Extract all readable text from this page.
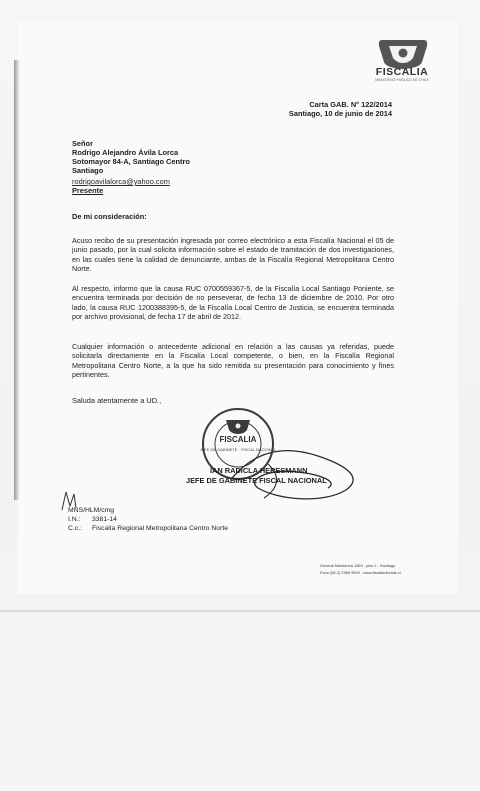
FISCALIA
MINISTERIO PUBLICO DE CHILE
Carta GAB. N° 122/2014
Santiago, 10 de junio de 2014
Señor
Rodrigo Alejandro Ávila Lorca
Sotomayor 84-A, Santiago Centro
Santiago
rodrigoavilalorca@yahoo.com
Presente
De mi consideración:
Acuso recibo de su presentación ingresada por correo electrónico a esta Fiscalía Nacional el 05 de junio pasado, por la cual solicita información sobre el estado de tramitación de dos investigaciones, en las cuales tiene la calidad de denunciante, ambas de la Fiscalía Regional Metropolitana Centro Norte.
Al respecto, informo que la causa RUC 0700559367-5, de la Fiscalía Local Santiago Poniente, se encuentra terminada por decisión de no perseverar, de fecha 13 de diciembre de 2010. Por otro lado, la causa RUC 1200388395-5, de la Fiscalía Local Centro de Justicia, se encuentra terminada por archivo provisional, de fecha 17 de abril de 2012.
Cualquier información o antecedente adicional en relación a las causas ya referidas, puede solicitarla directamente en la Fiscalía Local competente, o bien, en la Fiscalía Regional Metropolitana Centro Norte, a la que ha sido remitida su presentación para conocimiento y fines pertinentes.
Saluda atentamente a UD.,
FISCALIA
JEFE DE GABINETE · FISCAL NACIONAL
IAN RADICLA HERESMANN
JEFE DE GABINETE FISCAL NACIONAL
MNS/HLM/cmg
I.N.: 3381-14
C.c.: Fiscalía Regional Metropolitana Centro Norte
General Mackenna 1369 - piso 2 - Santiago
Fono (56-2) 2965 9500 - www.fiscaliadechile.cl
